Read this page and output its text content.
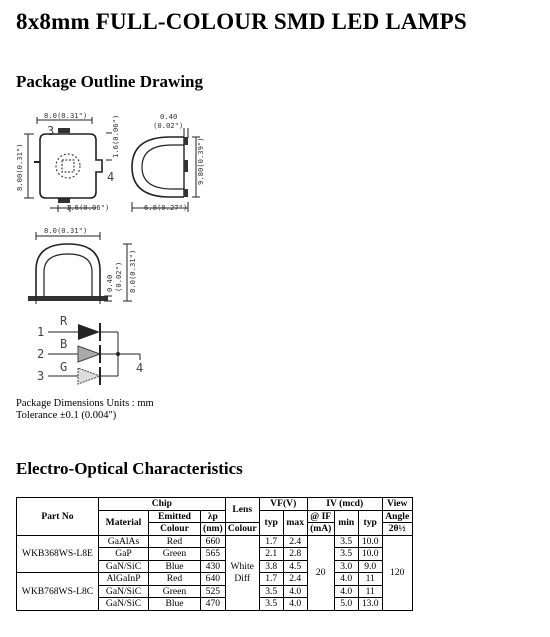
8x8mm FULL-COLOUR SMD LED LAMPS
Package Outline Drawing
8.0(0.31")
3
4
8.00(0.31")
1.6(0.06")
1.6(0.06")
0.40
(0.02")
9.80(0.39")
6.8(0.27")
8.0(0.31")
0.40 (0.02") 8.0(0.31")
1
2
3
4
R
B
G
Package Dimensions Units : mm
Tolerance ±0.1 (0.004")
Electro-Optical Characteristics
Part No	Chip			Lens	VF(V)		IV (mcd)			View
	Material	Emitted	λp		typ	max	@ IF	min	typ	Angle
		Colour	(nm)	Colour			(mA)			2θ½
WKB368WS-L8E	GaAlAs	Red	660		1.7	2.4		3.5	10.0	
	GaP	Green	565		2.1	2.8		3.5	10.0	
	GaN/SiC	Blue	430	White	3.8	4.5	20	3.0	9.0	120
WKB768WS-L8C	AlGaInP	Red	640	Diff	1.7	2.4		4.0	11	
	GaN/SiC	Green	525		3.5	4.0		4.0	11	
	GaN/SiC	Blue	470		3.5	4.0		5.0	13.0	
